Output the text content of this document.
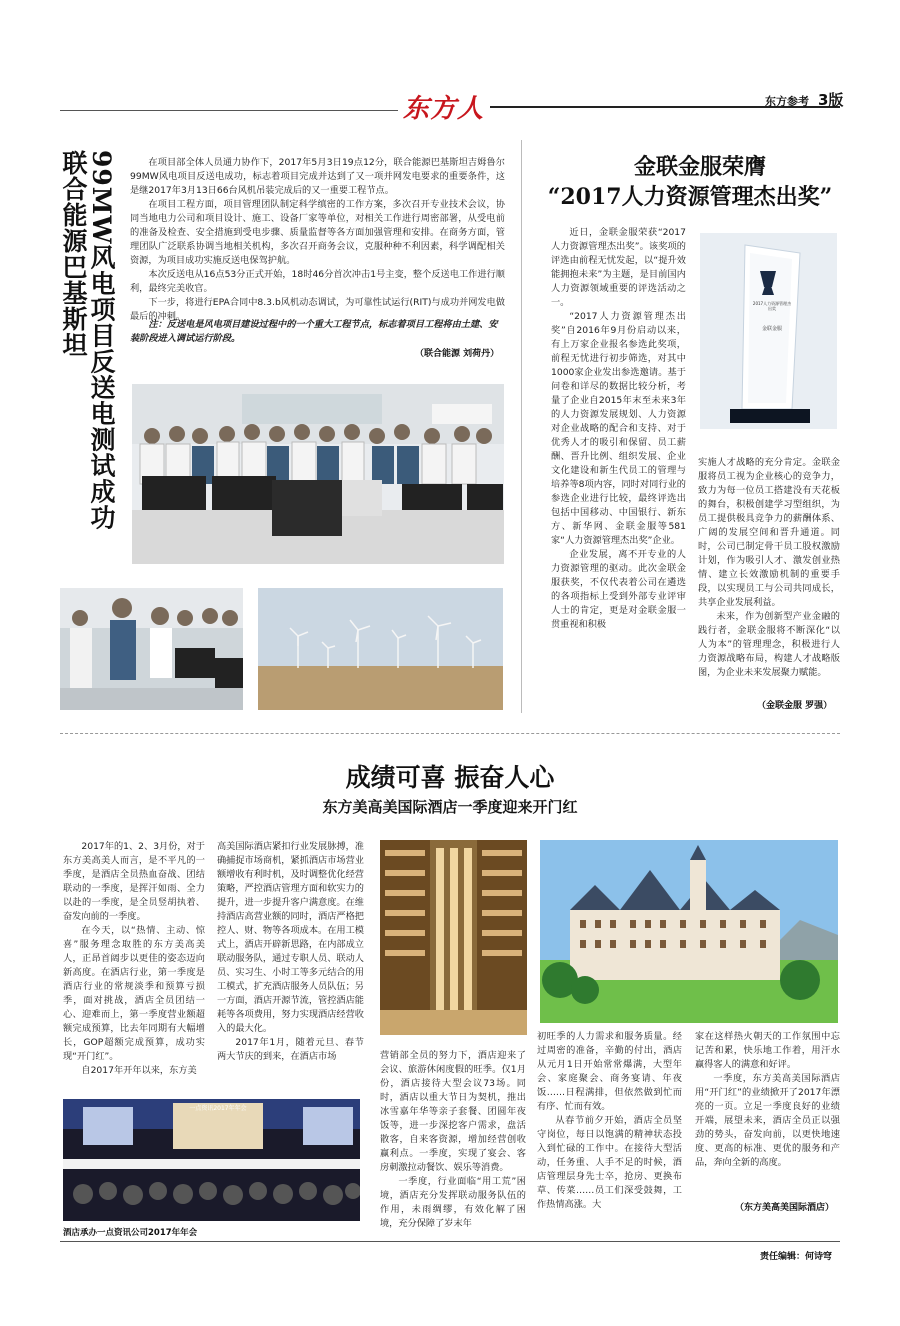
东方人	东方参考 3版
99MW风电项目反送电测试成功
联合能源巴基斯坦	在项目部全体人员通力协作下，2017年5月3日19点12分，联合能源巴基斯坦吉姆鲁尔99MW风电项目反送电成功，标志着项目完成并达到了又一项并网发电要求的重要条件，这是继2017年3月13日66台风机吊装完成后的又一重要工程节点。

在项目工程方面，项目管理团队制定科学缜密的工作方案，多次召开专业技术会议，协同当地电力公司和项目设计、施工、设备厂家等单位，对相关工作进行周密部署，从受电前的准备及检查、安全措施到受电步骤、质量监督等各方面加强管理和安排。在商务方面，管理团队广泛联系协调当地相关机构，多次召开商务会议，克服种种不利因素，科学调配相关资源，为项目成功实施反送电保驾护航。

本次反送电从16点53分正式开始，18时46分首次冲击1号主变，整个反送电工作进行顺利，最终完美收官。

下一步，将进行EPA合同中8.3.b风机动态调试，为可靠性试运行(RIT)与成功并网发电做最后的冲刺。

注：反送电是风电项目建设过程中的一个重大工程节点，标志着项目工程将由土建、安装阶段进入调试运行阶段。
（联合能源 刘荷丹）
金联金服荣膺
“2017人力资源管理杰出奖”

近日，金联金服荣获“2017人力资源管理杰出奖”。该奖项的评选由前程无忧发起，以“提升效能拥抱未来”为主题，是目前国内人力资源领域重要的评选活动之一。

“2017人力资源管理杰出奖”自2016年9月份启动以来，有上万家企业报名参选此奖项，前程无忧进行初步筛选，对其中1000家企业发出参选邀请。基于问卷和详尽的数据比较分析，考量了企业自2015年末至未来3年的人力资源发展规划、人力资源对企业战略的配合和支持、对于优秀人才的吸引和保留、员工薪酬、晋升比例、组织发展、企业文化建设和新生代员工的管理与培养等8项内容，同时对同行业的参选企业进行比较，最终评选出包括中国移动、中国银行、新东方、新华网、金联金服等581家“人力资源管理杰出奖”企业。

企业发展，离不开专业的人力资源管理的驱动。此次金联金服获奖，不仅代表着公司在遴选的各项指标上受到外部专业评审人士的肯定，更是对金联金服一贯重视和积极

2017人力资源管理杰出奖
金联金服

实施人才战略的充分肯定。金联金服将员工视为企业核心的竞争力，致力为每一位员工搭建没有天花板的舞台，积极创建学习型组织，为员工提供极具竞争力的薪酬体系、广阔的发展空间和晋升通道。同时，公司已制定骨干员工股权激励计划，作为吸引人才、激发创业热情、建立长效激励机制的重要手段，以实现员工与公司共同成长，共享企业发展利益。

未来，作为创新型产业金融的践行者，金联金服将不断深化“以人为本”的管理理念，积极进行人力资源战略布局，构建人才战略版图，为企业未来发展聚力赋能。

（金联金服 罗强）
成绩可喜 振奋人心
东方美高美国际酒店一季度迎来开门红

2017年的1、2、3月份，对于东方美高美人而言，是不平凡的一季度，是酒店全员热血奋战、团结联动的一季度，是挥汗如雨、全力以赴的一季度，是全员竖胡执着、奋发向前的一季度。

在今天，以“热情、主动、惊喜”服务理念取胜的东方美高美人，正昂首阔步以更佳的姿态迈向新高度。在酒店行业，第一季度是酒店行业的常规淡季和预算亏损季，面对挑战，酒店全员团结一心、迎难而上，第一季度营业额超额完成预算，比去年同期有大幅增长，GOP超额完成预算，成功实现“开门红”。

自2017年开年以来，东方美

高美国际酒店紧扣行业发展脉搏，准确捕捉市场商机，紧抓酒店市场营业额增收有利时机，及时调整优化经营策略，严控酒店管理方面和软实力的提升，进一步提升客户满意度。在维持酒店高营业额的同时，酒店严格把控人、财、物等各项成本。在用工模式上，酒店开辟新思路，在内部成立联动服务队，通过专职人员、联动人员、实习生、小时工等多元结合的用工模式，扩充酒店服务人员队伍；另一方面，酒店开源节流，管控酒店能耗等各项费用，努力实现酒店经营收入的最大化。

2017年1月，随着元旦、春节两大节庆的到来，在酒店市场	营销部全员的努力下，酒店迎来了会议、旅游休闲度假的旺季。仅1月份，酒店接待大型会议73场。同时，酒店以重大节日为契机，推出冰雪嘉年华等亲子套餐、团圆年夜饭等，进一步深挖客户需求，盘活散客，自来客资源，增加经营创收赢利点。一季度，实现了宴会、客房刺激拉动餐饮、娱乐等消费。

一季度，行业面临“用工荒”困境，酒店充分发挥联动服务队伍的作用，未雨绸缪，有效化解了困境，充分保障了岁末年

初旺季的人力需求和服务质量。经过周密的准备，辛勤的付出，酒店从元月1日开始常常爆满，大型年会、家庭聚会、商务宴请、年夜饭……日程满排，但依然做到忙而有序、忙而有效。

从春节前夕开始，酒店全员坚守岗位，每日以饱满的精神状态投入到忙碌的工作中。在接待大型活动，任务重、人手不足的时候，酒店管理层身先士卒，抢房、更换布草、传菜……员工们深受鼓舞，工作热情高涨。大

家在这样热火朝天的工作氛围中忘记苦和累，快乐地工作着，用汗水赢得客人的满意和好评。

一季度，东方美高美国际酒店用“开门红”的业绩掀开了2017年漂亮的一页。立足一季度良好的业绩开端，展望未来，酒店全员正以强劲的势头，奋发向前，以更快地速度、更高的标准、更优的服务和产品，奔向全新的高度。

（东方美高美国际酒店）
一点资讯2017年年会
酒店承办一点资讯公司2017年年会
责任编辑：何诗穹
